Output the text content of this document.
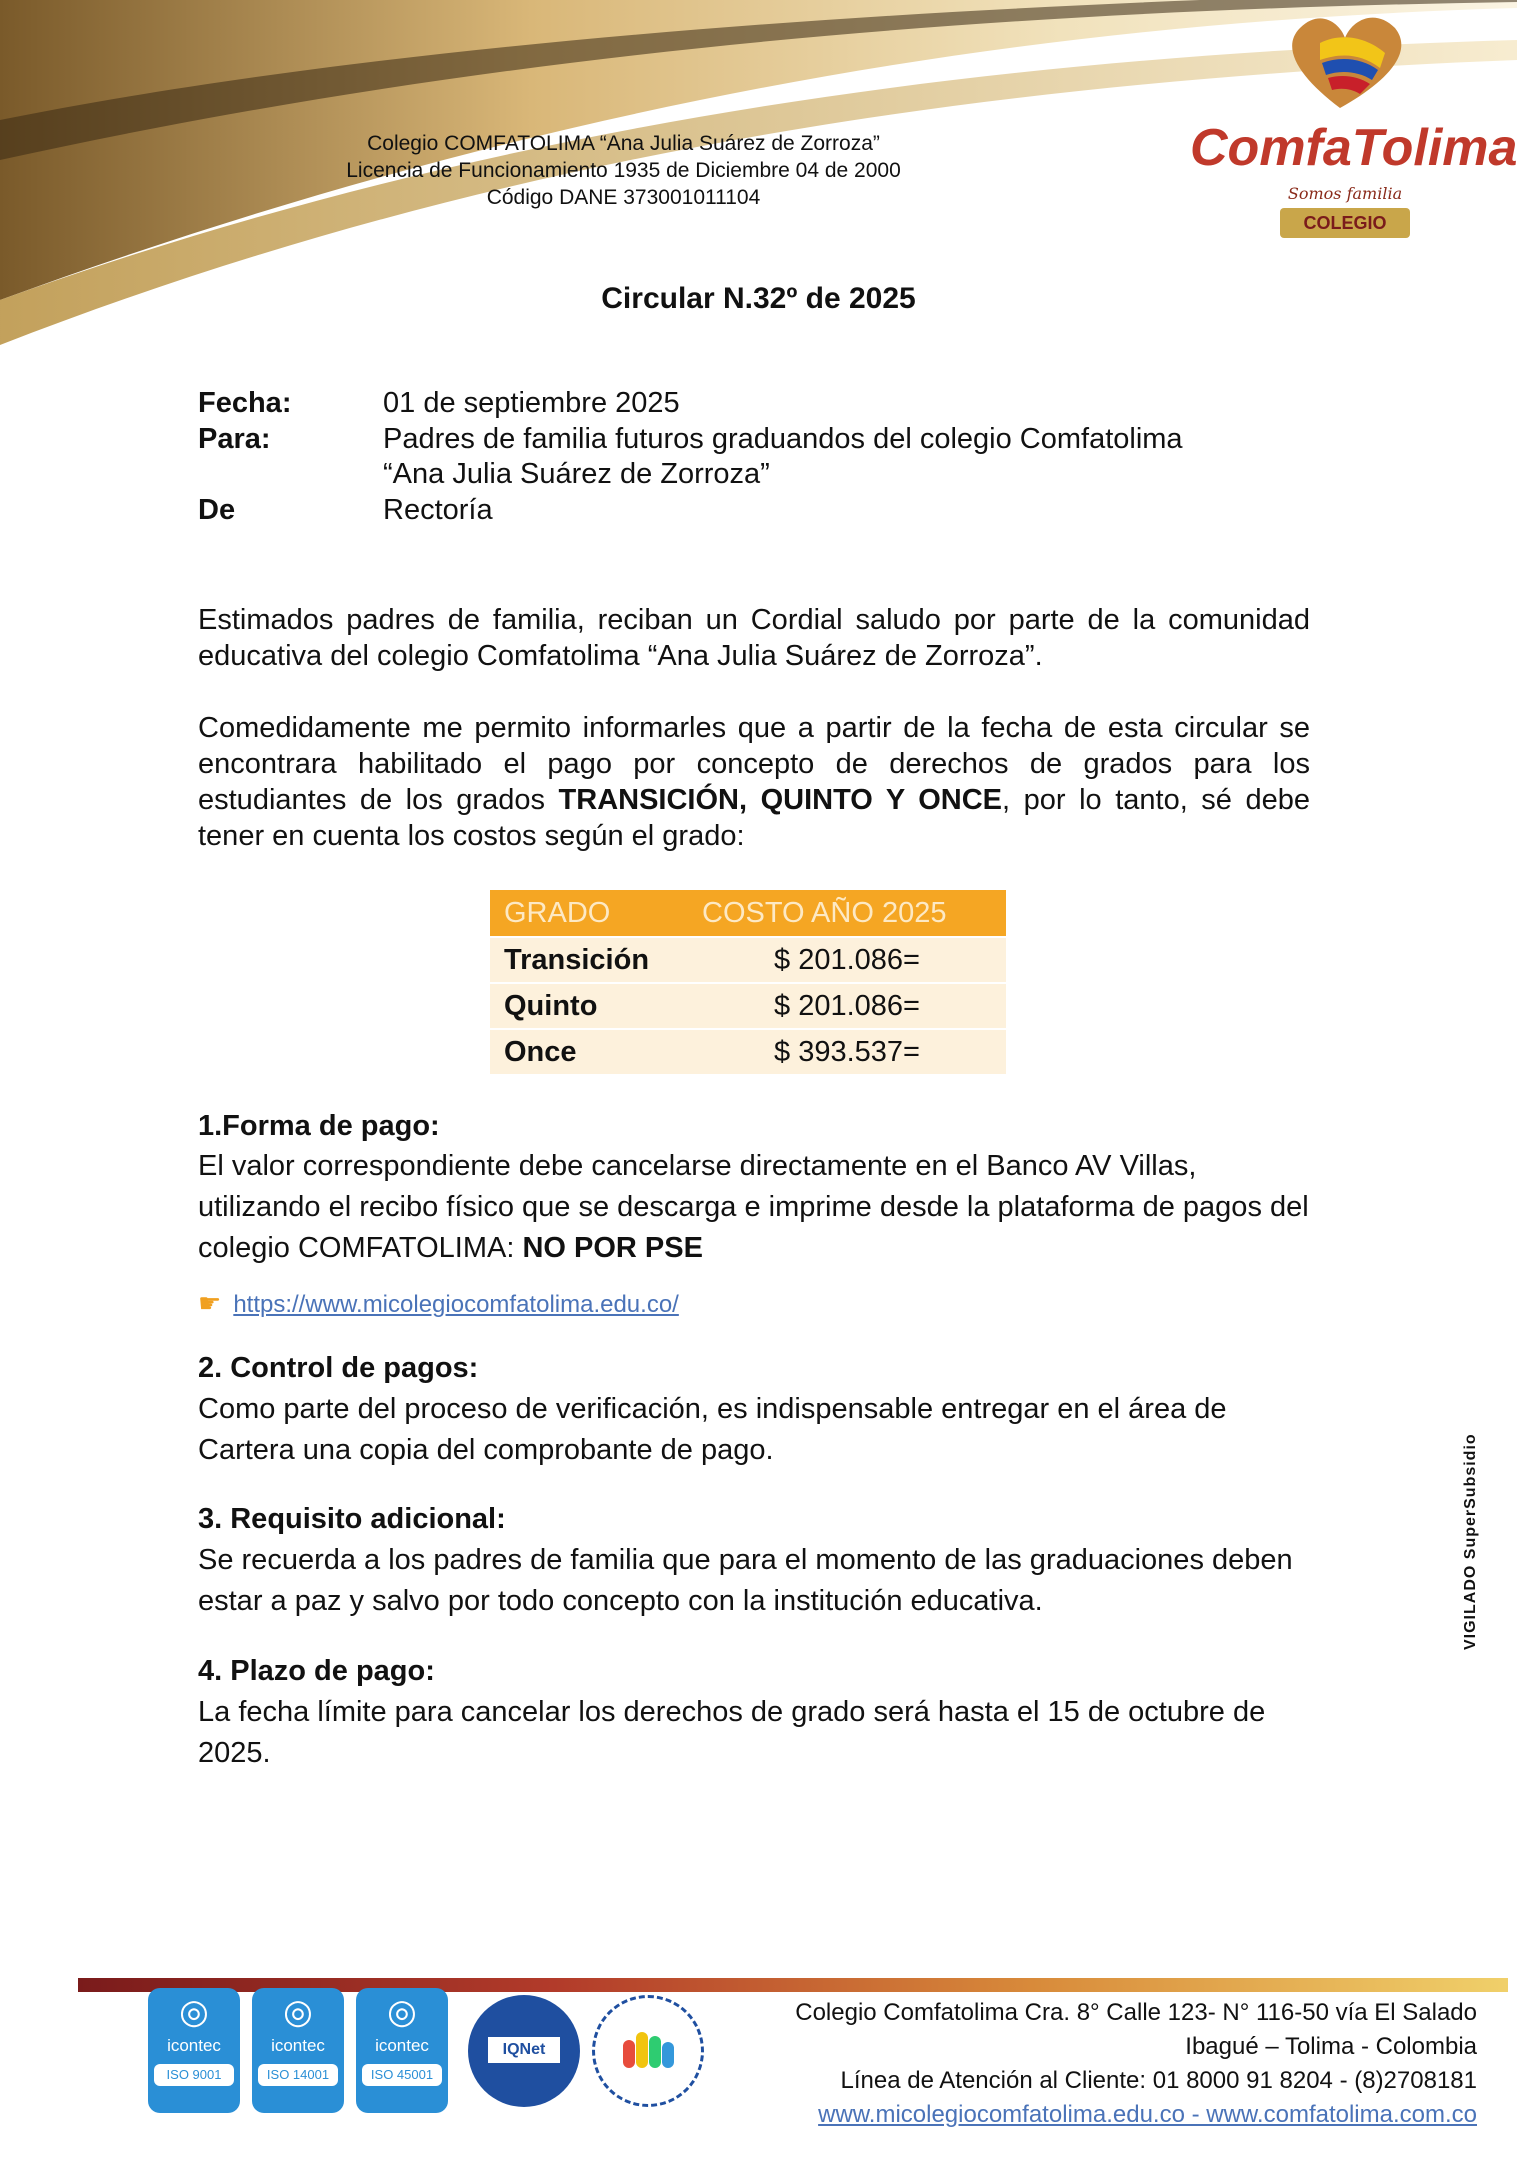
Colegio COMFATOLIMA “Ana Julia Suárez de Zorroza”
Licencia de Funcionamiento 1935 de Diciembre 04 de 2000
Código DANE 373001011104
ComfaTolima
Somos familia
COLEGIO
Circular N.32º de 2025
Fecha:	01 de septiembre 2025
Para:	Padres de familia futuros graduandos del colegio Comfatolima
“Ana Julia Suárez de Zorroza”
De	Rectoría
Estimados padres de familia, reciban un Cordial saludo por parte de la comunidad educativa del colegio Comfatolima “Ana Julia Suárez de Zorroza”.
Comedidamente me permito informarles que a partir de la fecha de esta circular se encontrara habilitado el pago por concepto de derechos de grados para los estudiantes de los grados TRANSICIÓN, QUINTO Y ONCE, por lo tanto, sé debe tener en cuenta los costos según el grado:
GRADO	COSTO AÑO 2025
Transición	$ 201.086=
Quinto	$ 201.086=
Once	$ 393.537=
1.Forma de pago:
El valor correspondiente debe cancelarse directamente en el Banco AV Villas, utilizando el recibo físico que se descarga e imprime desde la plataforma de pagos del colegio COMFATOLIMA: NO POR PSE
☛ https://www.micolegiocomfatolima.edu.co/
2. Control de pagos:
Como parte del proceso de verificación, es indispensable entregar en el área de Cartera una copia del comprobante de pago.
3. Requisito adicional:
Se recuerda a los padres de familia que para el momento de las graduaciones deben estar a paz y salvo por todo concepto con la institución educativa.
4. Plazo de pago:
La fecha límite para cancelar los derechos de grado será hasta el 15 de octubre de 2025.
VIGILADO SuperSubsidio
◎
icontec
ISO 9001
◎
icontec
ISO 14001
◎
icontec
ISO 45001
IQNet
Colegio Comfatolima Cra. 8° Calle 123- N° 116-50 vía El Salado
Ibagué – Tolima - Colombia
Línea de Atención al Cliente: 01 8000 91 8204 - (8)2708181
www.micolegiocomfatolima.edu.co - www.comfatolima.com.co
